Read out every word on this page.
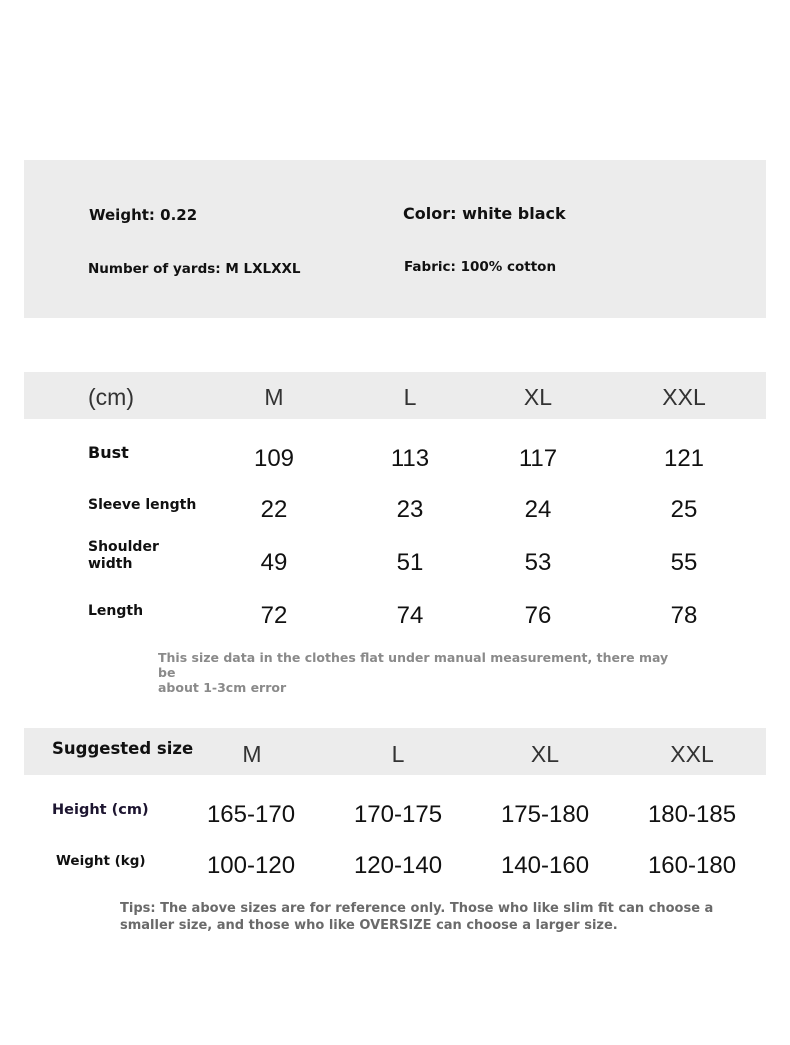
Weight: 0.22	Color: white black
Number of yards: M LXLXXL	Fabric: 100% cotton
(cm)	M	L	XL	XXL
Bust	109	113	117	121
Sleeve length	22	23	24	25
Shoulder
width	49	51	53	55
Length	72	74	76	78
This size data in the clothes flat under manual measurement, there may be
about 1-3cm error
Suggested size M	L	XL	XXL
Height (cm) 165-170 170-175 175-180 180-185
Weight (kg)	100-120 120-140 140-160 160-180
Tips: The above sizes are for reference only. Those who like slim fit can choose a
smaller size, and those who like OVERSIZE can choose a larger size.
